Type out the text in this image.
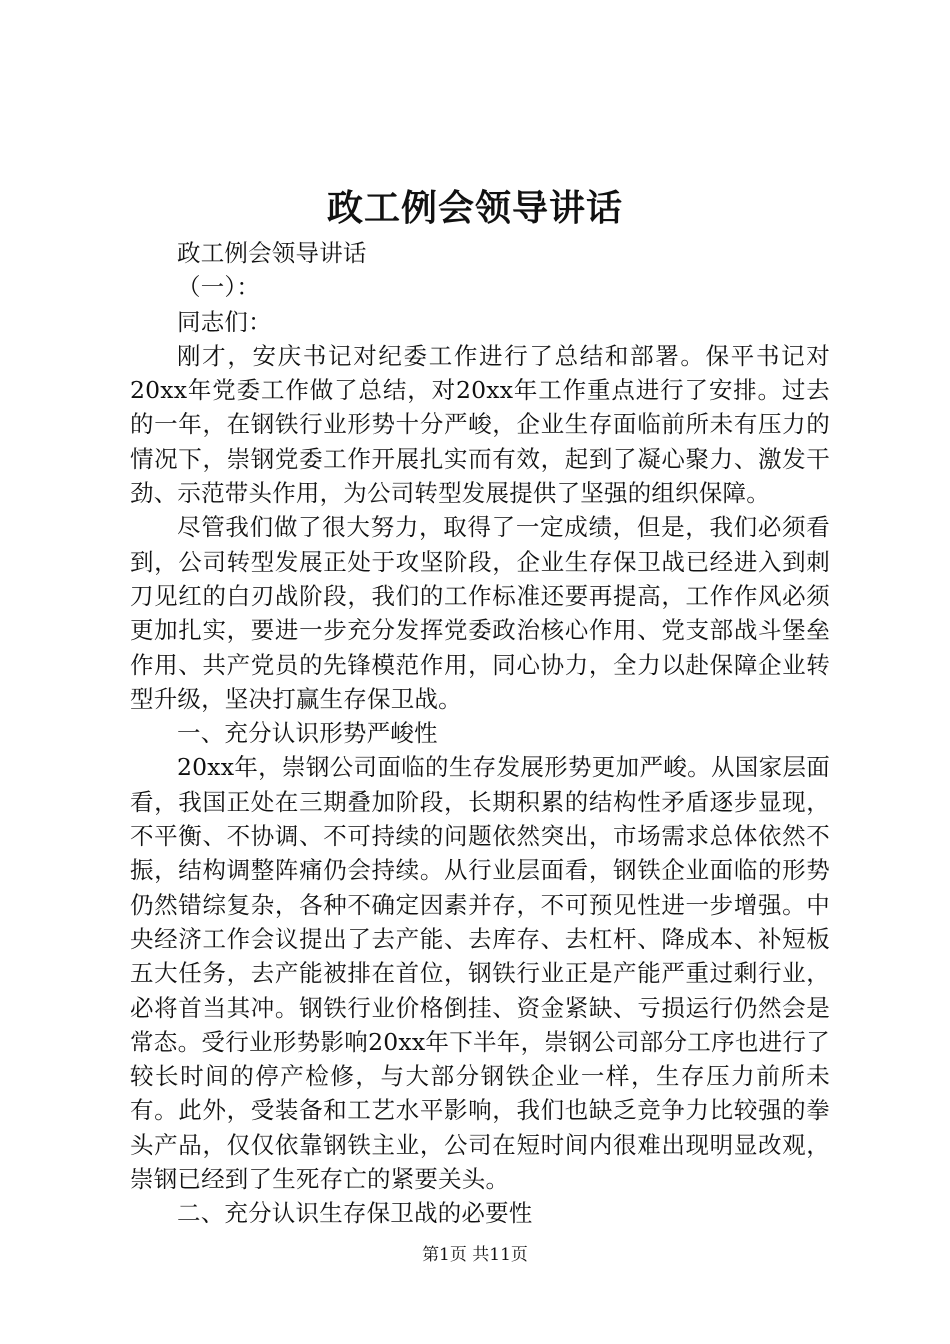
政工例会领导讲话

政工例会领导讲话

（一）：

同志们：

刚才，安庆书记对纪委工作进行了总结和部署。保平书记对20xx年党委工作做了总结，对20xx年工作重点进行了安排。过去的一年，在钢铁行业形势十分严峻，企业生存面临前所未有压力的情况下，崇钢党委工作开展扎实而有效，起到了凝心聚力、激发干劲、示范带头作用，为公司转型发展提供了坚强的组织保障。

尽管我们做了很大努力，取得了一定成绩，但是，我们必须看到，公司转型发展正处于攻坚阶段，企业生存保卫战已经进入到刺刀见红的白刃战阶段，我们的工作标准还要再提高，工作作风必须更加扎实，要进一步充分发挥党委政治核心作用、党支部战斗堡垒作用、共产党员的先锋模范作用，同心协力，全力以赴保障企业转型升级，坚决打赢生存保卫战。

一、充分认识形势严峻性

20xx年，崇钢公司面临的生存发展形势更加严峻。从国家层面看，我国正处在三期叠加阶段，长期积累的结构性矛盾逐步显现，不平衡、不协调、不可持续的问题依然突出，市场需求总体依然不振，结构调整阵痛仍会持续。从行业层面看，钢铁企业面临的形势仍然错综复杂，各种不确定因素并存，不可预见性进一步增强。中央经济工作会议提出了去产能、去库存、去杠杆、降成本、补短板五大任务，去产能被排在首位，钢铁行业正是产能严重过剩行业，必将首当其冲。钢铁行业价格倒挂、资金紧缺、亏损运行仍然会是常态。受行业形势影响20xx年下半年，崇钢公司部分工序也进行了较长时间的停产检修，与大部分钢铁企业一样，生存压力前所未有。此外，受装备和工艺水平影响，我们也缺乏竞争力比较强的拳头产品，仅仅依靠钢铁主业，公司在短时间内很难出现明显改观，崇钢已经到了生死存亡的紧要关头。

二、充分认识生存保卫战的必要性

第1页 共11页
